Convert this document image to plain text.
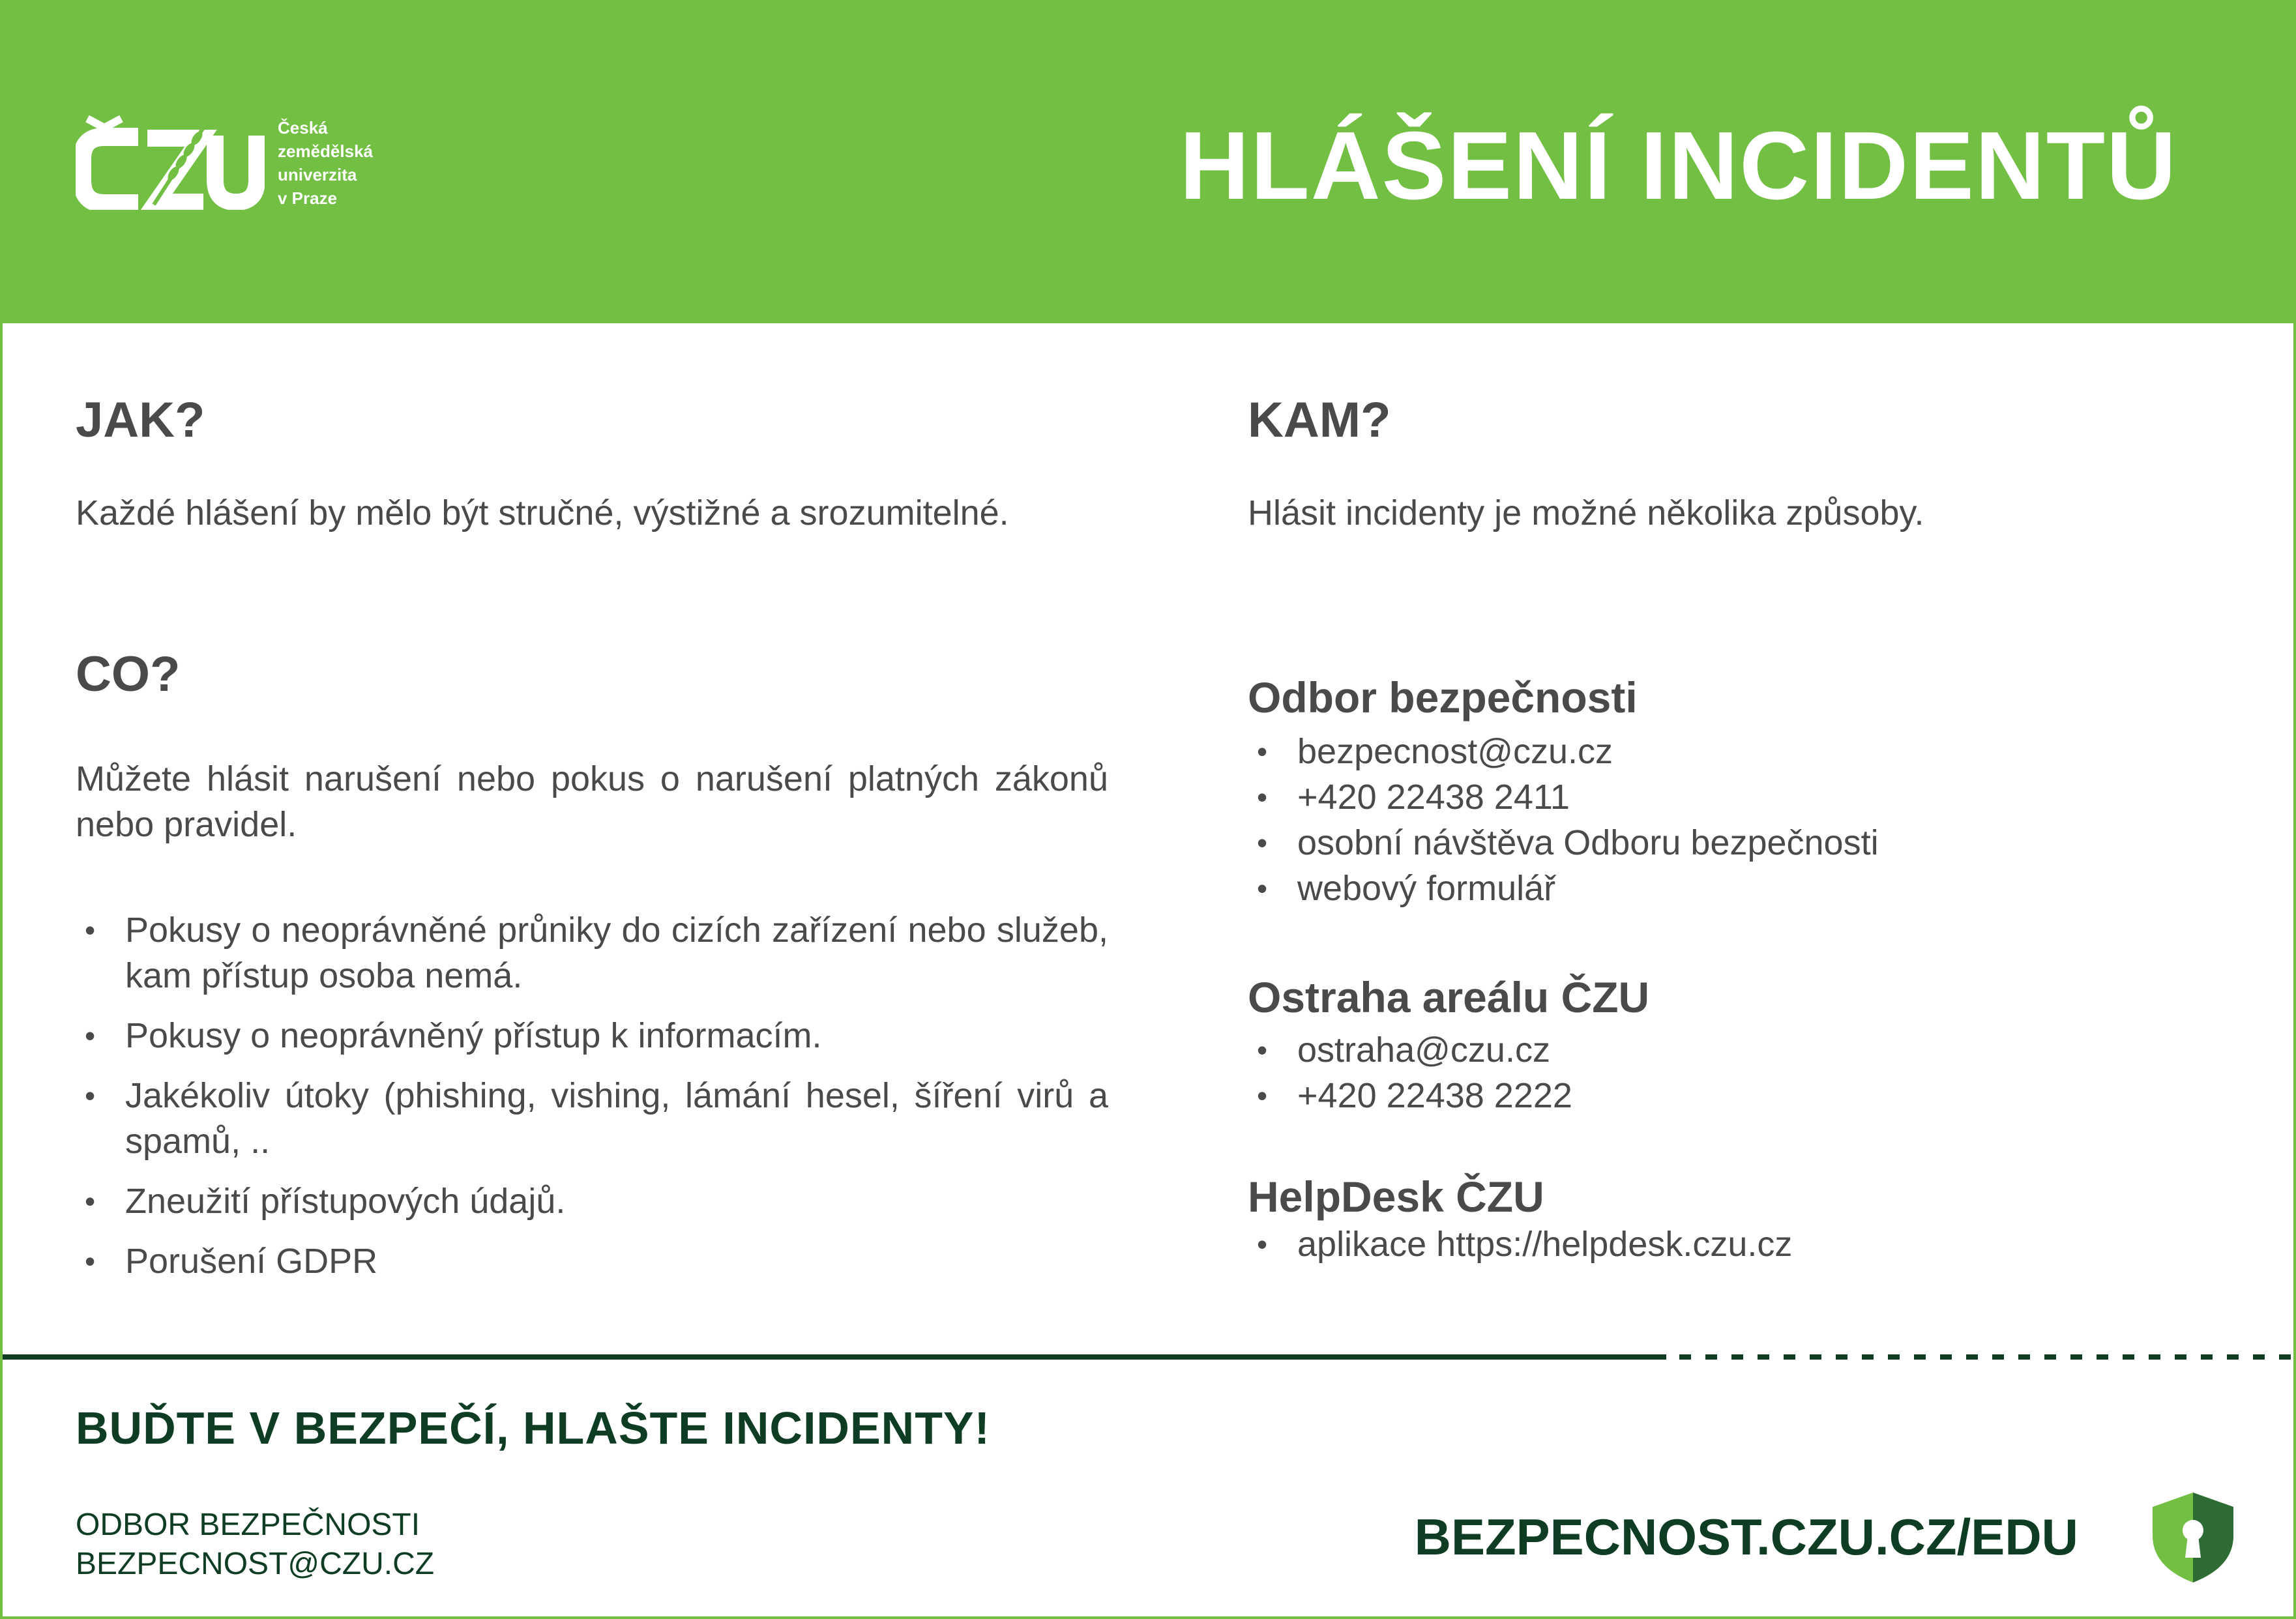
Česká
zemědělská
univerzita
v Praze	HLÁŠENÍ INCIDENTŮ
JAK?
Každé hlášení by mělo být stručné, výstižné a srozumitelné.
CO?
Můžete hlásit narušení nebo pokus o narušení platných zákonů nebo pravidel.
• Pokusy o neoprávněné průniky do cizích zařízení nebo služeb, kam přístup osoba nemá.
• Pokusy o neoprávněný přístup k informacím.
• Jakékoliv útoky (phishing, vishing, lámání hesel, šíření virů a spamů, ..
• Zneužití přístupových údajů.
• Porušení GDPR
KAM?
Hlásit incidenty je možné několika způsoby.
Odbor bezpečnosti
• bezpecnost@czu.cz
• +420 22438 2411
• osobní návštěva Odboru bezpečnosti
• webový formulář
Ostraha areálu ČZU
• ostraha@czu.cz
• +420 22438 2222
HelpDesk ČZU
• aplikace https://helpdesk.czu.cz
BUĎTE V BEZPEČÍ, HLAŠTE INCIDENTY!
ODBOR BEZPEČNOSTI
BEZPECNOST@CZU.CZ	BEZPECNOST.CZU.CZ/EDU
